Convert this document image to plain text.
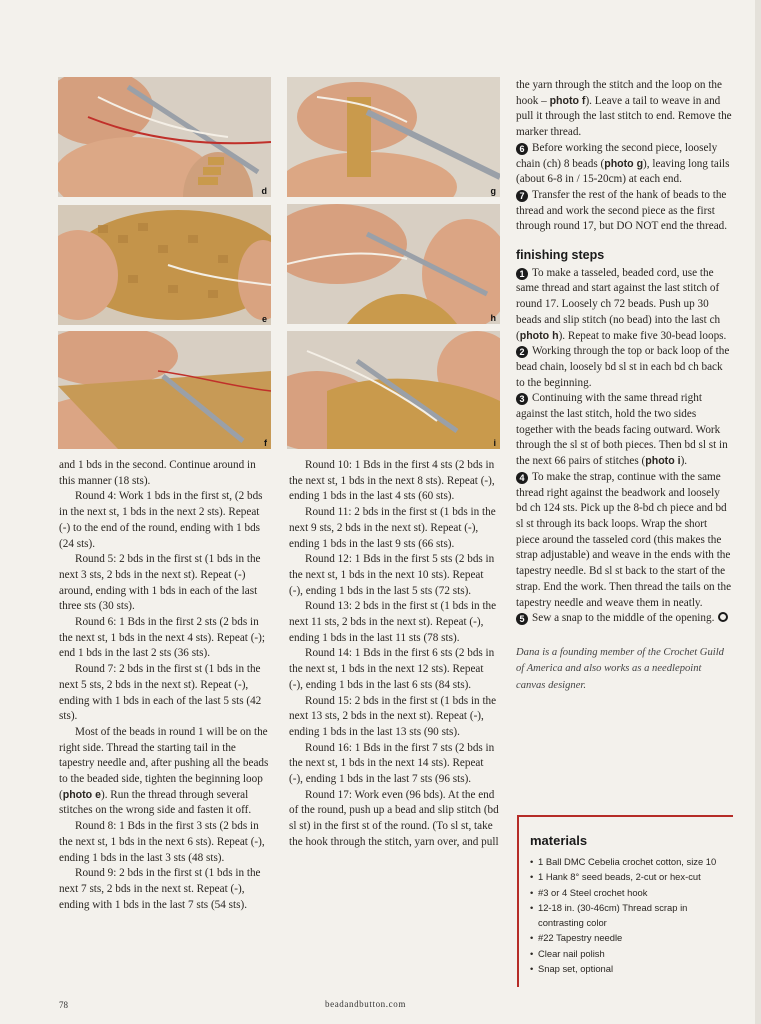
d
e
f
g
h
i

and 1 bds in the second. Continue around in this manner (18 sts).

Round 4: Work 1 bds in the first st, (2 bds in the next st, 1 bds in the next 2 sts). Repeat (-) to the end of the round, ending with 1 bds (24 sts).

Round 5: 2 bds in the first st (1 bds in the next 3 sts, 2 bds in the next st). Repeat (-) around, ending with 1 bds in each of the last three sts (30 sts).

Round 6: 1 Bds in the first 2 sts (2 bds in the next st, 1 bds in the next 4 sts). Repeat (-); end 1 bds in the last 2 sts (36 sts).

Round 7: 2 bds in the first st (1 bds in the next 5 sts, 2 bds in the next st). Repeat (-), ending with 1 bds in each of the last 5 sts (42 sts).

Most of the beads in round 1 will be on the right side. Thread the starting tail in the tapestry needle and, after pushing all the beads to the beaded side, tighten the beginning loop (photo e). Run the thread through several stitches on the wrong side and fasten it off.

Round 8: 1 Bds in the first 3 sts (2 bds in the next st, 1 bds in the next 6 sts). Repeat (-), ending 1 bds in the last 3 sts (48 sts).

Round 9: 2 bds in the first st (1 bds in the next 7 sts, 2 bds in the next st. Repeat (-), ending with 1 bds in the last 7 sts (54 sts).

Round 10: 1 Bds in the first 4 sts (2 bds in the next st, 1 bds in the next 8 sts). Repeat (-), ending 1 bds in the last 4 sts (60 sts).

Round 11: 2 bds in the first st (1 bds in the next 9 sts, 2 bds in the next st). Repeat (-), ending 1 bds in the last 9 sts (66 sts).

Round 12: 1 Bds in the first 5 sts (2 bds in the next st, 1 bds in the next 10 sts). Repeat (-), ending 1 bds in the last 5 sts (72 sts).

Round 13: 2 bds in the first st (1 bds in the next 11 sts, 2 bds in the next st). Repeat (-), ending 1 bds in the last 11 sts (78 sts).

Round 14: 1 Bds in the first 6 sts (2 bds in the next st, 1 bds in the next 12 sts). Repeat (-), ending 1 bds in the last 6 sts (84 sts).

Round 15: 2 bds in the first st (1 bds in the next 13 sts, 2 bds in the next st). Repeat (-), ending 1 bds in the last 13 sts (90 sts).

Round 16: 1 Bds in the first 7 sts (2 bds in the next st, 1 bds in the next 14 sts). Repeat (-), ending 1 bds in the last 7 sts (96 sts).

Round 17: Work even (96 bds). At the end of the round, push up a bead and slip stitch (bd sl st) in the first st of the round. (To sl st, take the hook through the stitch, yarn over, and pull

the yarn through the stitch and the loop on the hook – photo f). Leave a tail to weave in and pull it through the last stitch to end. Remove the marker thread.

6 Before working the second piece, loosely chain (ch) 8 beads (photo g), leaving long tails (about 6-8 in / 15-20cm) at each end.

7 Transfer the rest of the hank of beads to the thread and work the second piece as the first through round 17, but DO NOT end the thread.

finishing steps

1 To make a tasseled, beaded cord, use the same thread and start against the last stitch of round 17. Loosely ch 72 beads. Push up 30 beads and slip stitch (no bead) into the last ch (photo h). Repeat to make five 30-bead loops.

2 Working through the top or back loop of the bead chain, loosely bd sl st in each bd ch back to the beginning.

3 Continuing with the same thread right against the last stitch, hold the two sides together with the beads facing outward. Work through the sl st of both pieces. Then bd sl st in the next 66 pairs of stitches (photo i).

4 To make the strap, continue with the same thread right against the beadwork and loosely bd ch 124 sts. Pick up the 8-bd ch piece and bd sl st through its back loops. Wrap the short piece around the tasseled cord (this makes the strap adjustable) and weave in the ends with the tapestry needle. Bd sl st back to the start of the strap. End the work. Then thread the tails on the tapestry needle and weave them in neatly.

5 Sew a snap to the middle of the opening.

Dana is a founding member of the Crochet Guild of America and also works as a needlepoint canvas designer.

materials
• 1 Ball DMC Cebelia crochet cotton, size 10
• 1 Hank 8° seed beads, 2-cut or hex-cut
• #3 or 4 Steel crochet hook
• 12-18 in. (30-46cm) Thread scrap in contrasting color
• #22 Tapestry needle
• Clear nail polish
• Snap set, optional
78	beadandbutton.com
